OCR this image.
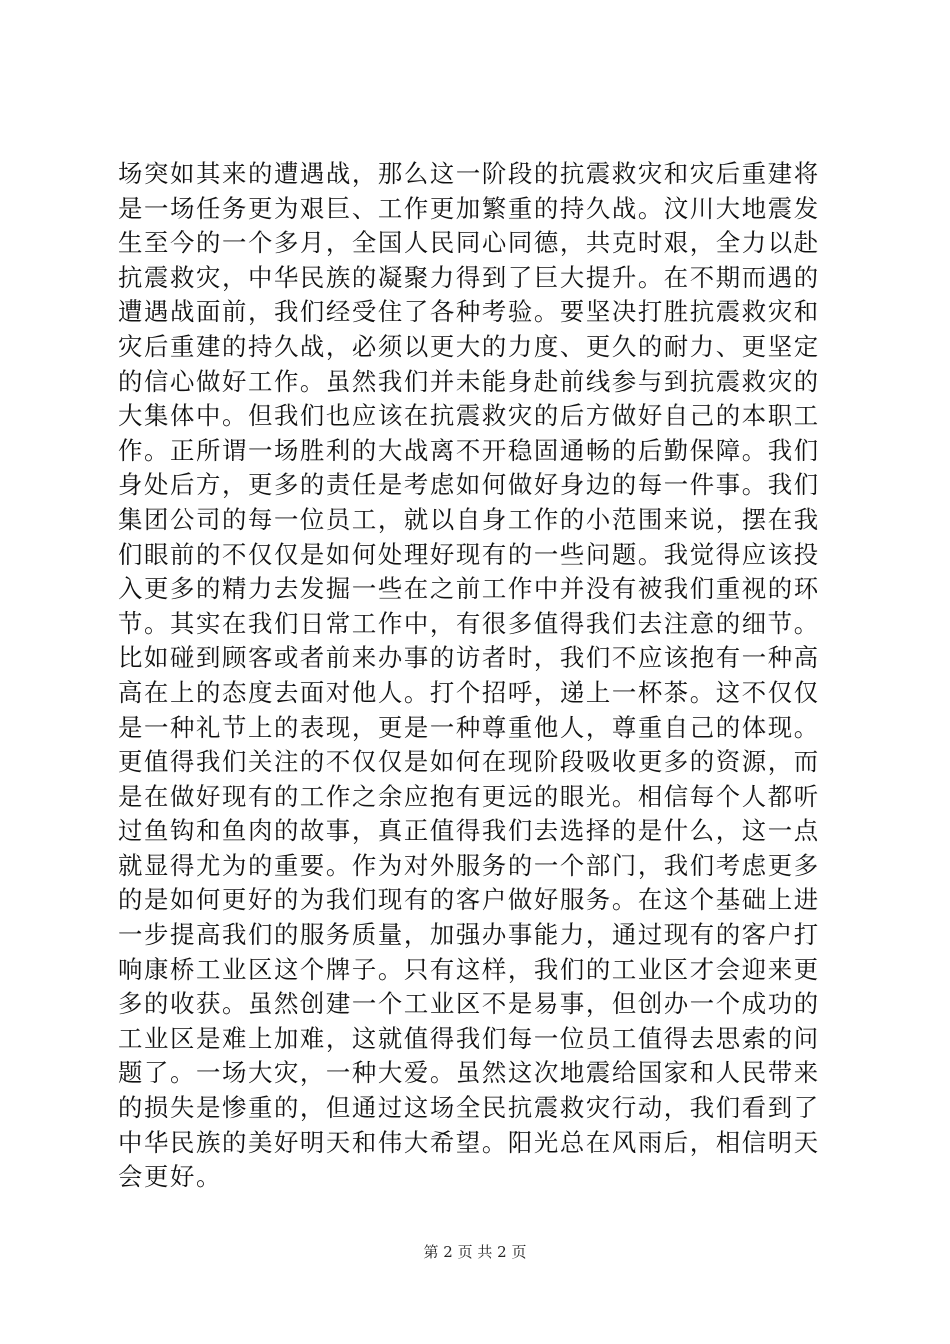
场突如其来的遭遇战，那么这一阶段的抗震救灾和灾后重建将
是一场任务更为艰巨、工作更加繁重的持久战。汶川大地震发
生至今的一个多月，全国人民同心同德，共克时艰，全力以赴
抗震救灾，中华民族的凝聚力得到了巨大提升。在不期而遇的
遭遇战面前，我们经受住了各种考验。要坚决打胜抗震救灾和
灾后重建的持久战，必须以更大的力度、更久的耐力、更坚定
的信心做好工作。虽然我们并未能身赴前线参与到抗震救灾的
大集体中。但我们也应该在抗震救灾的后方做好自己的本职工
作。正所谓一场胜利的大战离不开稳固通畅的后勤保障。我们
身处后方，更多的责任是考虑如何做好身边的每一件事。我们
集团公司的每一位员工，就以自身工作的小范围来说，摆在我
们眼前的不仅仅是如何处理好现有的一些问题。我觉得应该投
入更多的精力去发掘一些在之前工作中并没有被我们重视的环
节。其实在我们日常工作中，有很多值得我们去注意的细节。
比如碰到顾客或者前来办事的访者时，我们不应该抱有一种高
高在上的态度去面对他人。打个招呼，递上一杯茶。这不仅仅
是一种礼节上的表现，更是一种尊重他人，尊重自己的体现。
更值得我们关注的不仅仅是如何在现阶段吸收更多的资源，而
是在做好现有的工作之余应抱有更远的眼光。相信每个人都听
过鱼钩和鱼肉的故事，真正值得我们去选择的是什么，这一点
就显得尤为的重要。作为对外服务的一个部门，我们考虑更多
的是如何更好的为我们现有的客户做好服务。在这个基础上进
一步提高我们的服务质量，加强办事能力，通过现有的客户打
响康桥工业区这个牌子。只有这样，我们的工业区才会迎来更
多的收获。虽然创建一个工业区不是易事，但创办一个成功的
工业区是难上加难，这就值得我们每一位员工值得去思索的问
题了。一场大灾，一种大爱。虽然这次地震给国家和人民带来
的损失是惨重的，但通过这场全民抗震救灾行动，我们看到了
中华民族的美好明天和伟大希望。阳光总在风雨后，相信明天
会更好。
第 2 页 共 2 页
